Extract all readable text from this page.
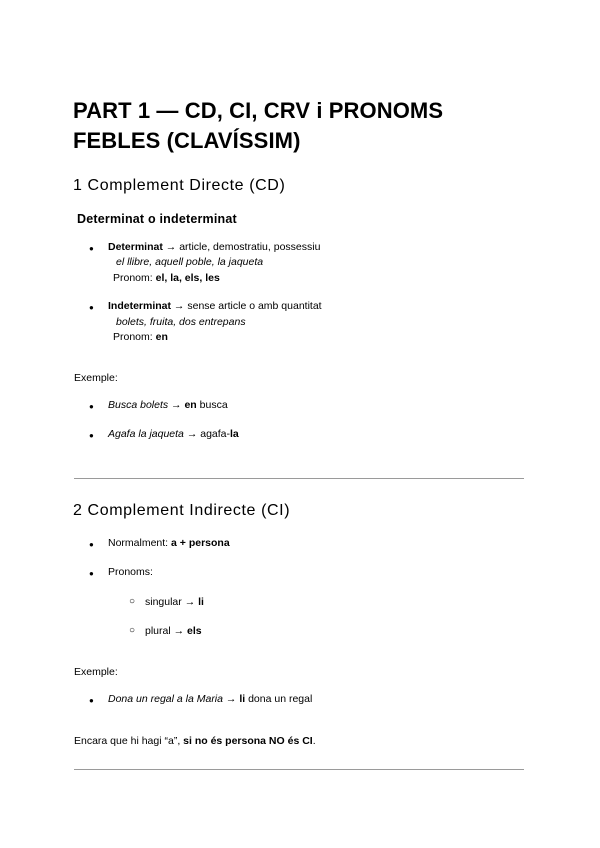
PART 1 — CD, CI, CRV i PRONOMS FEBLES (CLAVÍSSIM)
1 Complement Directe (CD)
Determinat o indeterminat
● Determinat → article, demostratiu, possessiu
el llibre, aquell poble, la jaqueta
Pronom: el, la, els, les
● Indeterminat → sense article o amb quantitat
bolets, fruita, dos entrepans
Pronom: en
Exemple:
● Busca bolets → en busca
● Agafa la jaqueta → agafa-la
2 Complement Indirecte (CI)
● Normalment: a + persona
● Pronoms:
○ singular → li
○ plural → els
Exemple:
● Dona un regal a la Maria → li dona un regal
Encara que hi hagi “a”, si no és persona NO és CI.
